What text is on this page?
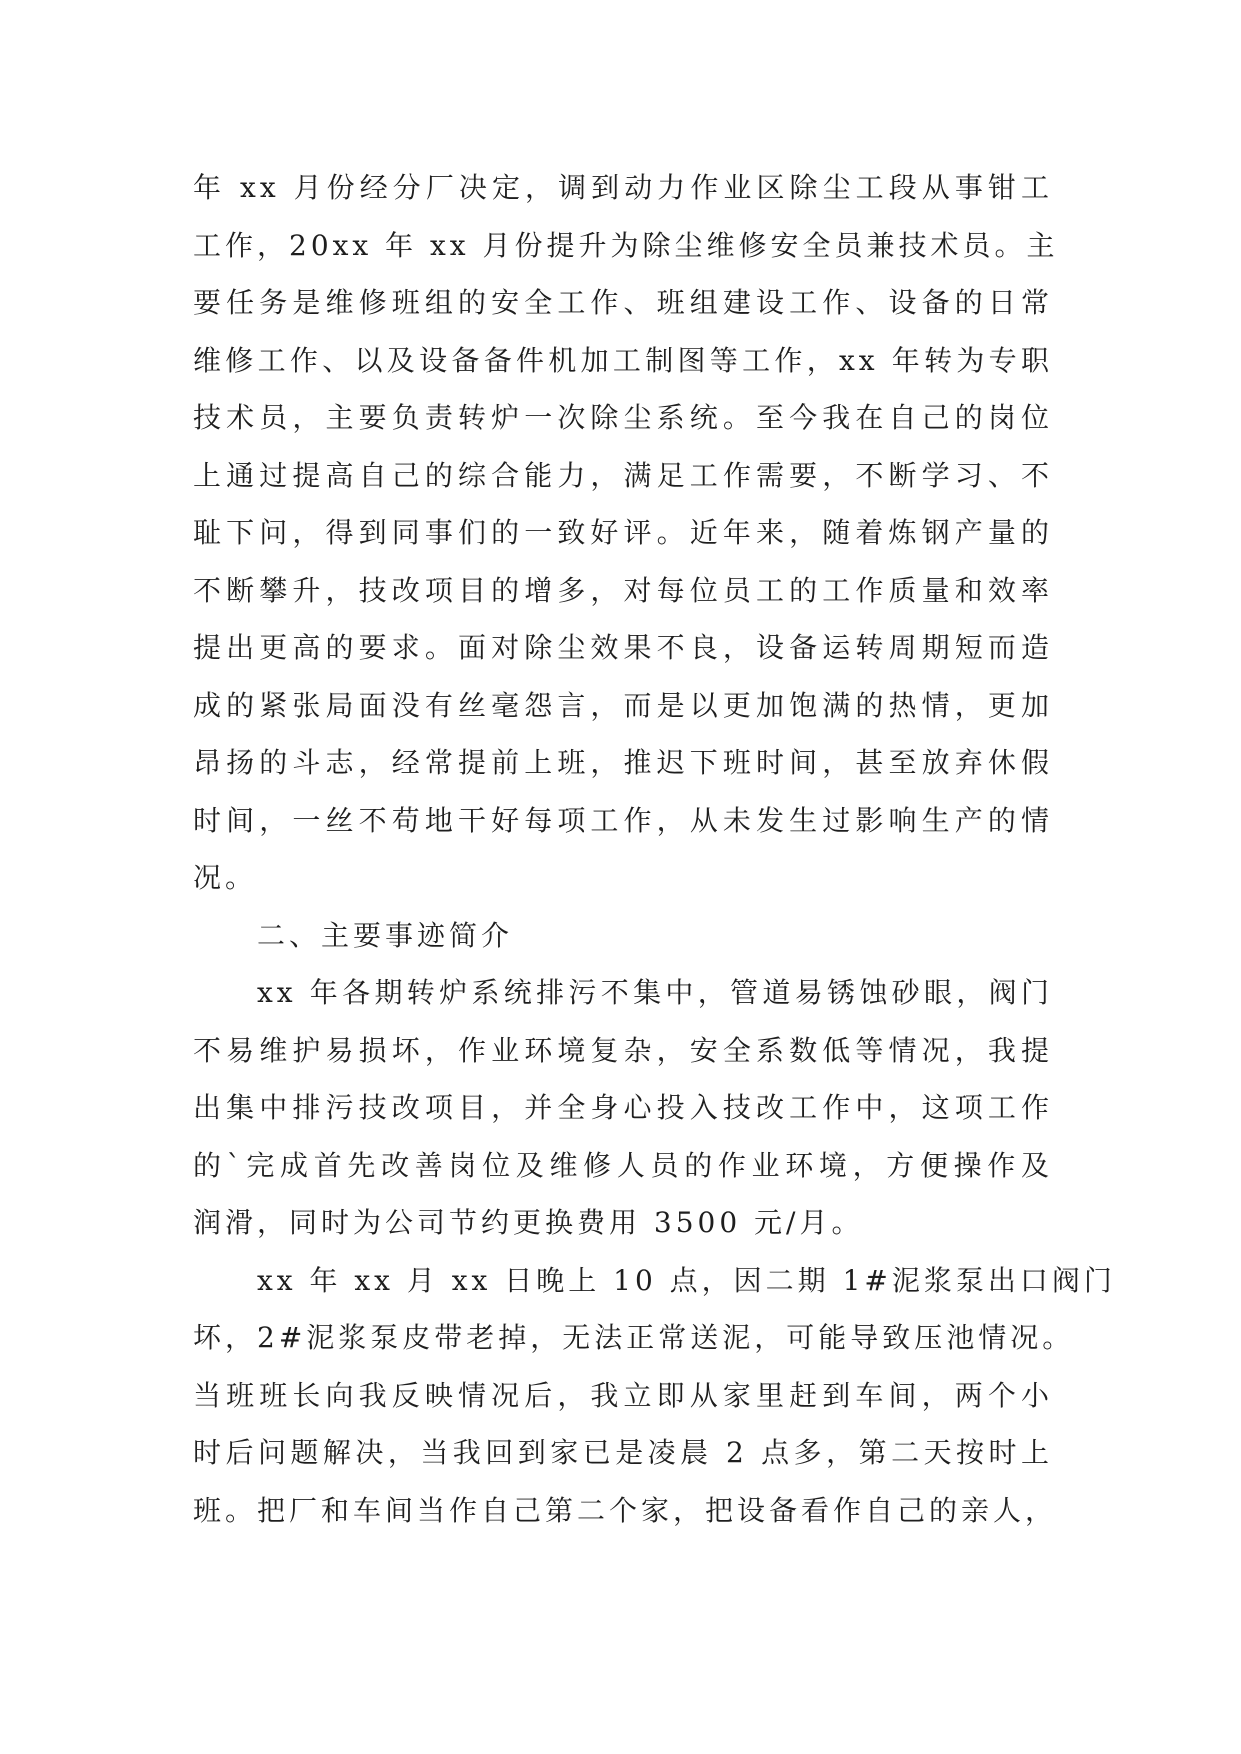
年 xx 月份经分厂决定，调到动力作业区除尘工段从事钳工
工作，20xx 年 xx 月份提升为除尘维修安全员兼技术员。主
要任务是维修班组的安全工作、班组建设工作、设备的日常
维修工作、以及设备备件机加工制图等工作，xx 年转为专职
技术员，主要负责转炉一次除尘系统。至今我在自己的岗位
上通过提高自己的综合能力，满足工作需要，不断学习、不
耻下问，得到同事们的一致好评。近年来，随着炼钢产量的
不断攀升，技改项目的增多，对每位员工的工作质量和效率
提出更高的要求。面对除尘效果不良，设备运转周期短而造
成的紧张局面没有丝毫怨言，而是以更加饱满的热情，更加
昂扬的斗志，经常提前上班，推迟下班时间，甚至放弃休假
时间，一丝不苟地干好每项工作，从未发生过影响生产的情
况。
二、主要事迹简介
xx 年各期转炉系统排污不集中，管道易锈蚀砂眼，阀门
不易维护易损坏，作业环境复杂，安全系数低等情况，我提
出集中排污技改项目，并全身心投入技改工作中，这项工作
的`完成首先改善岗位及维修人员的作业环境，方便操作及
润滑，同时为公司节约更换费用 3500 元/月。
xx 年 xx 月 xx 日晚上 10 点，因二期 1#泥浆泵出口阀门
坏，2#泥浆泵皮带老掉，无法正常送泥，可能导致压池情况。
当班班长向我反映情况后，我立即从家里赶到车间，两个小
时后问题解决，当我回到家已是凌晨 2 点多，第二天按时上
班。把厂和车间当作自己第二个家，把设备看作自己的亲人，
